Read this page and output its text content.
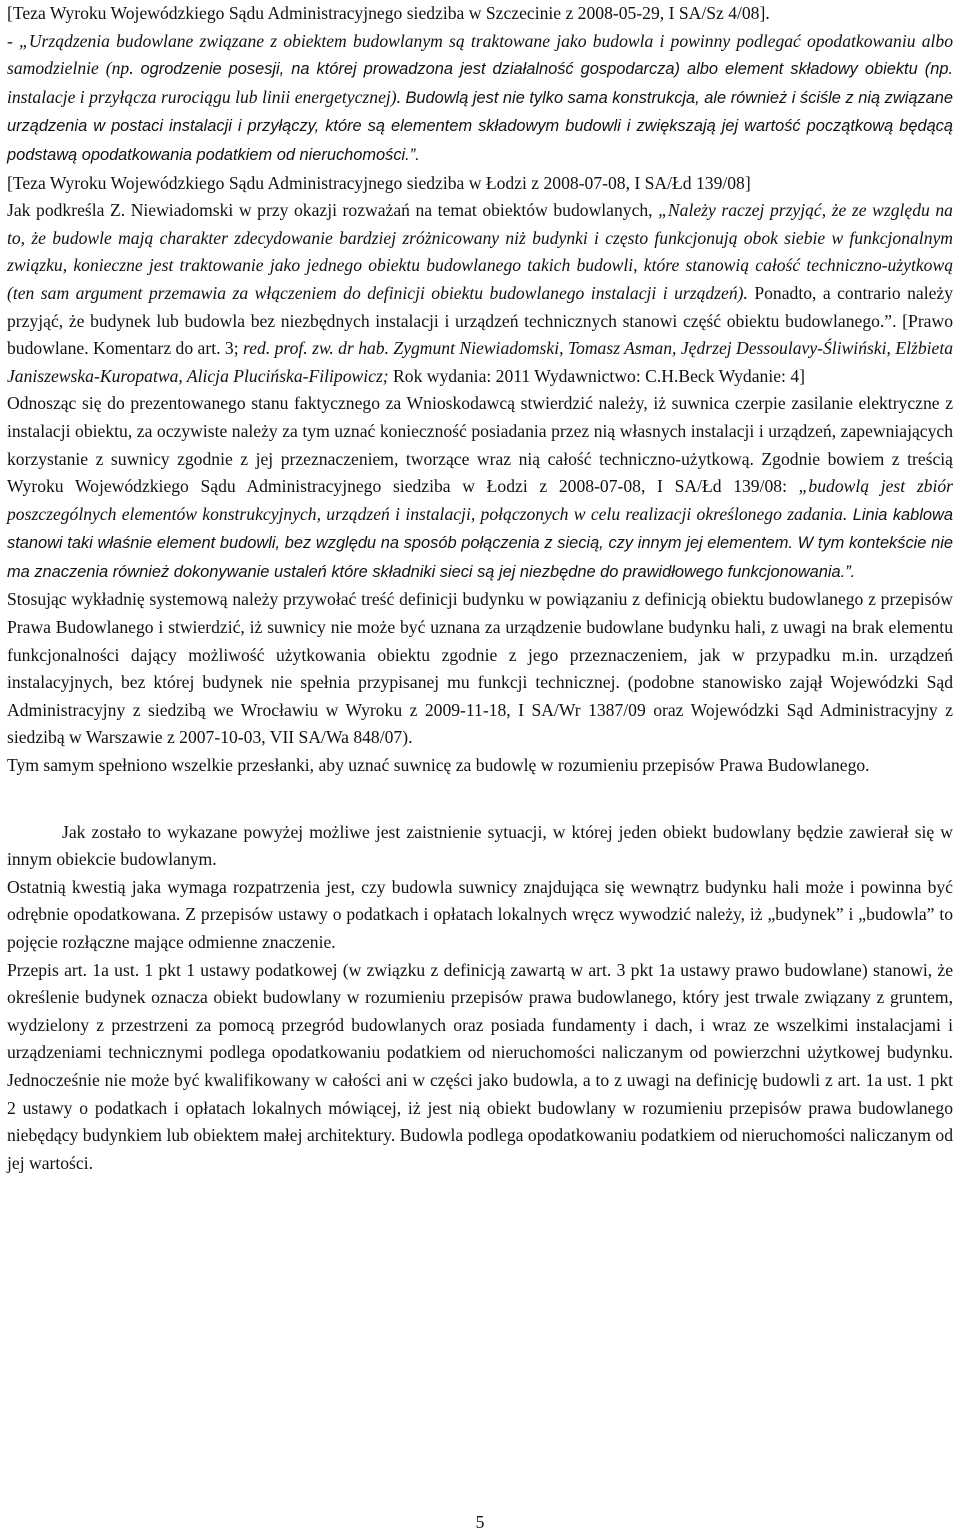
[Teza Wyroku Wojewódzkiego Sądu Administracyjnego siedziba w Szczecinie z 2008-05-29, I SA/Sz 4/08].

- „Urządzenia budowlane związane z obiektem budowlanym są traktowane jako budowla i powinny podlegać opodatkowaniu albo samodzielnie (np. ogrodzenie posesji, na której prowadzona jest działalność gospodarcza) albo element składowy obiektu (np. instalacje i przyłącza rurociągu lub linii energetycznej). Budowlą jest nie tylko sama konstrukcja, ale również i ściśle z nią związane urządzenia w postaci instalacji i przyłączy, które są elementem składowym budowli i zwiększają jej wartość początkową będącą podstawą opodatkowania podatkiem od nieruchomości.”.

[Teza Wyroku Wojewódzkiego Sądu Administracyjnego siedziba w Łodzi z 2008-07-08, I SA/Łd 139/08]

Jak podkreśla Z. Niewiadomski w przy okazji rozważań na temat obiektów budowlanych, „Należy raczej przyjąć, że ze względu na to, że budowle mają charakter zdecydowanie bardziej zróżnicowany niż budynki i często funkcjonują obok siebie w funkcjonalnym związku, konieczne jest traktowanie jako jednego obiektu budowlanego takich budowli, które stanowią całość techniczno-użytkową (ten sam argument przemawia za włączeniem do definicji obiektu budowlanego instalacji i urządzeń). Ponadto, a contrario należy przyjąć, że budynek lub budowla bez niezbędnych instalacji i urządzeń technicznych stanowi część obiektu budowlanego.”. [Prawo budowlane. Komentarz do art. 3; red. prof. zw. dr hab. Zygmunt Niewiadomski, Tomasz Asman, Jędrzej Dessoulavy-Śliwiński, Elżbieta Janiszewska-Kuropatwa, Alicja Plucińska-Filipowicz; Rok wydania: 2011 Wydawnictwo: C.H.Beck Wydanie: 4]

Odnosząc się do prezentowanego stanu faktycznego za Wnioskodawcą stwierdzić należy, iż suwnica czerpie zasilanie elektryczne z instalacji obiektu, za oczywiste należy za tym uznać konieczność posiadania przez nią własnych instalacji i urządzeń, zapewniających korzystanie z suwnicy zgodnie z jej przeznaczeniem, tworzące wraz nią całość techniczno-użytkową. Zgodnie bowiem z treścią Wyroku Wojewódzkiego Sądu Administracyjnego siedziba w Łodzi z 2008-07-08, I SA/Łd 139/08: „budowlą jest zbiór poszczególnych elementów konstrukcyjnych, urządzeń i instalacji, połączonych w celu realizacji określonego zadania. Linia kablowa stanowi taki właśnie element budowli, bez względu na sposób połączenia z siecią, czy innym jej elementem. W tym kontekście nie ma znaczenia również dokonywanie ustaleń które składniki sieci są jej niezbędne do prawidłowego funkcjonowania.”.

Stosując wykładnię systemową należy przywołać treść definicji budynku w powiązaniu z definicją obiektu budowlanego z przepisów Prawa Budowlanego i stwierdzić, iż suwnicy nie może być uznana za urządzenie budowlane budynku hali, z uwagi na brak elementu funkcjonalności dający możliwość użytkowania obiektu zgodnie z jego przeznaczeniem, jak w przypadku m.in. urządzeń instalacyjnych, bez której budynek nie spełnia przypisanej mu funkcji technicznej. (podobne stanowisko zajął Wojewódzki Sąd Administracyjny z siedzibą we Wrocławiu w Wyroku z 2009-11-18, I SA/Wr 1387/09 oraz Wojewódzki Sąd Administracyjny z siedzibą w Warszawie z 2007-10-03, VII SA/Wa 848/07).

Tym samym spełniono wszelkie przesłanki, aby uznać suwnicę za budowlę w rozumieniu przepisów Prawa Budowlanego.

Jak zostało to wykazane powyżej możliwe jest zaistnienie sytuacji, w której jeden obiekt budowlany będzie zawierał się w innym obiekcie budowlanym.

Ostatnią kwestią jaka wymaga rozpatrzenia jest, czy budowla suwnicy znajdująca się wewnątrz budynku hali może i powinna być odrębnie opodatkowana. Z przepisów ustawy o podatkach i opłatach lokalnych wręcz wywodzić należy, iż „budynek” i „budowla” to pojęcie rozłączne mające odmienne znaczenie.

Przepis art. 1a ust. 1 pkt 1 ustawy podatkowej (w związku z definicją zawartą w art. 3 pkt 1a ustawy prawo budowlane) stanowi, że określenie budynek oznacza obiekt budowlany w rozumieniu przepisów prawa budowlanego, który jest trwale związany z gruntem, wydzielony z przestrzeni za pomocą przegród budowlanych oraz posiada fundamenty i dach, i wraz ze wszelkimi instalacjami i urządzeniami technicznymi podlega opodatkowaniu podatkiem od nieruchomości naliczanym od powierzchni użytkowej budynku. Jednocześnie nie może być kwalifikowany w całości ani w części jako budowla, a to z uwagi na definicję budowli z art. 1a ust. 1 pkt 2 ustawy o podatkach i opłatach lokalnych mówiącej, iż jest nią obiekt budowlany w rozumieniu przepisów prawa budowlanego niebędący budynkiem lub obiektem małej architektury. Budowla podlega opodatkowaniu podatkiem od nieruchomości naliczanym od jej wartości.

5
